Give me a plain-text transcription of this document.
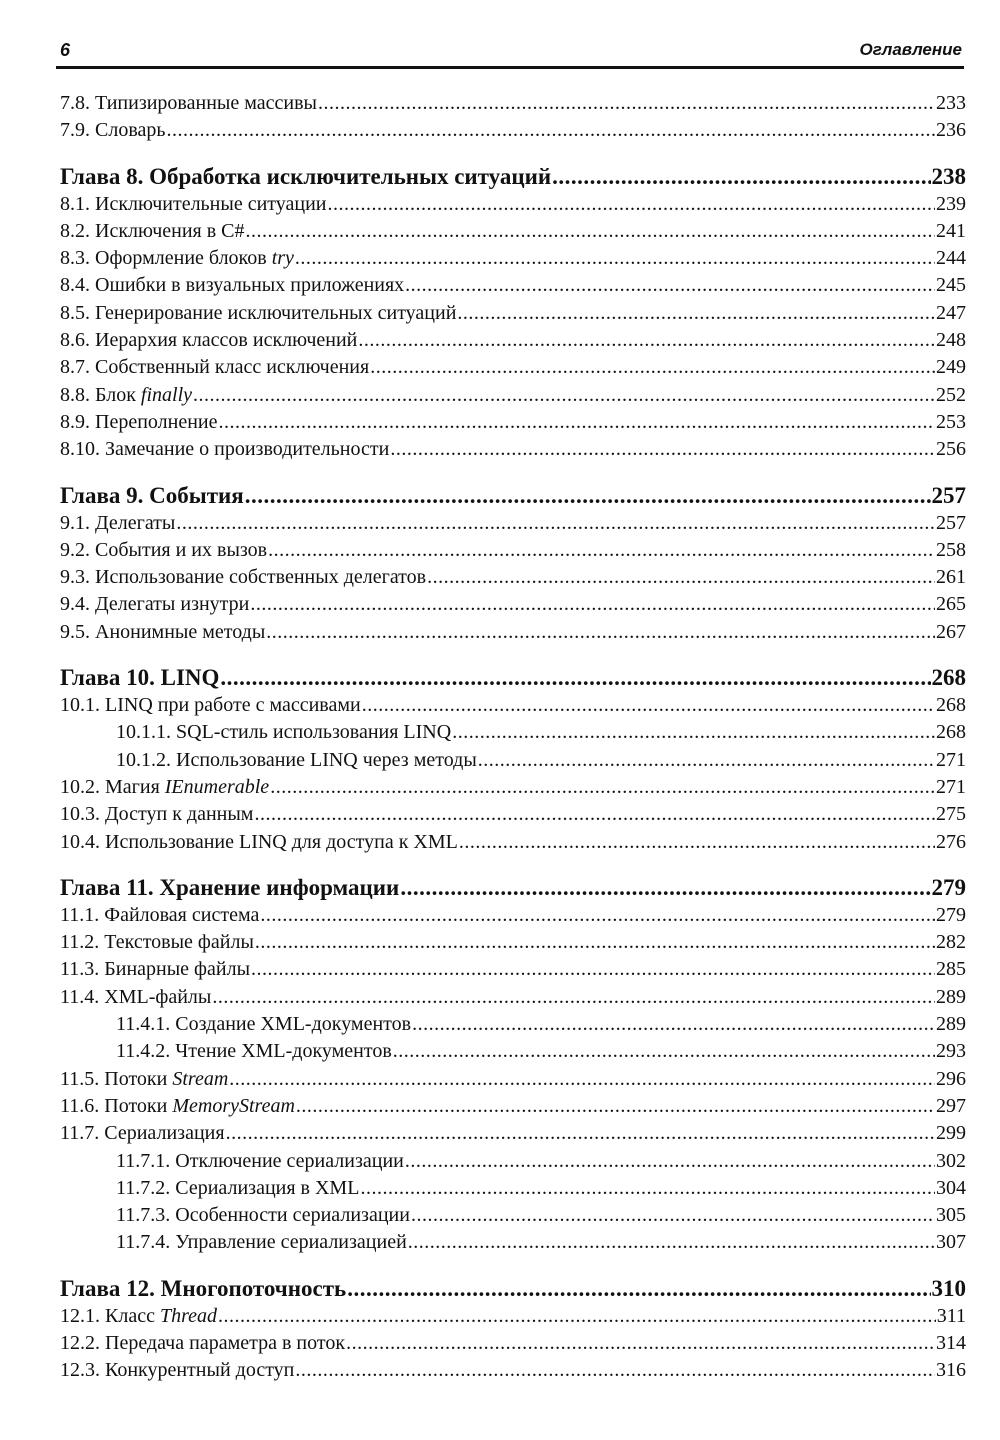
6	Оглавление
7.8. Типизированные массивы .....	233
7.9. Словарь .....	236
Глава 8. Обработка исключительных ситуаций .....	238
8.1. Исключительные ситуации .....	239
8.2. Исключения в C# .....	241
8.3. Оформление блоков try .....	244
8.4. Ошибки в визуальных приложениях .....	245
8.5. Генерирование исключительных ситуаций .....	247
8.6. Иерархия классов исключений .....	248
8.7. Собственный класс исключения .....	249
8.8. Блок finally .....	252
8.9. Переполнение .....	253
8.10. Замечание о производительности .....	256
Глава 9. События .....	257
9.1. Делегаты .....	257
9.2. События и их вызов .....	258
9.3. Использование собственных делегатов .....	261
9.4. Делегаты изнутри .....	265
9.5. Анонимные методы .....	267
Глава 10. LINQ .....	268
10.1. LINQ при работе с массивами .....	268
10.1.1. SQL-стиль использования LINQ .....	268
10.1.2. Использование LINQ через методы .....	271
10.2. Магия IEnumerable .....	271
10.3. Доступ к данным .....	275
10.4. Использование LINQ для доступа к XML .....	276
Глава 11. Хранение информации .....	279
11.1. Файловая система .....	279
11.2. Текстовые файлы .....	282
11.3. Бинарные файлы .....	285
11.4. XML-файлы .....	289
11.4.1. Создание XML-документов .....	289
11.4.2. Чтение XML-документов .....	293
11.5. Потоки Stream .....	296
11.6. Потоки MemoryStream .....	297
11.7. Сериализация .....	299
11.7.1. Отключение сериализации .....	302
11.7.2. Сериализация в XML .....	304
11.7.3. Особенности сериализации .....	305
11.7.4. Управление сериализацией .....	307
Глава 12. Многопоточность .....	310
12.1. Класс Thread .....	311
12.2. Передача параметра в поток .....	314
12.3. Конкурентный доступ .....	316
